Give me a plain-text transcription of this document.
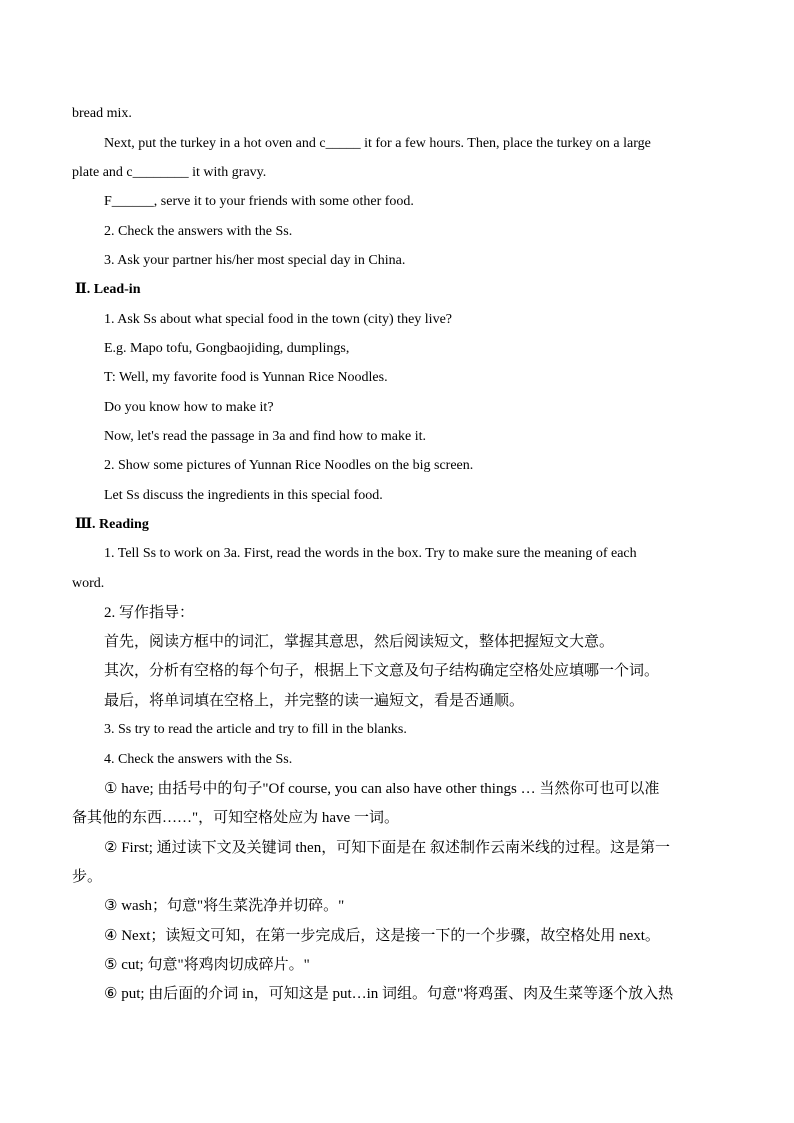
bread mix.
Next, put the turkey in a hot oven and c_____ it for a few hours. Then, place the turkey on a large
plate and c________ it with gravy.
F______, serve it to your friends with some other food.
2. Check the answers with the Ss.
3. Ask your partner his/her most special day in China.
Ⅱ. Lead-in
1. Ask Ss about what special food in the town (city) they live?
E.g. Mapo tofu, Gongbaojiding, dumplings,
T: Well, my favorite food is Yunnan Rice Noodles.
Do you know how to make it?
Now, let's read the passage in 3a and find how to make it.
2. Show some pictures of Yunnan Rice Noodles on the big screen.
Let Ss discuss the ingredients in this special food.
Ⅲ. Reading
1. Tell Ss to work on 3a. First, read the words in the box. Try to make sure the meaning of each
word.
2. 写作指导：
首先，阅读方框中的词汇，掌握其意思，然后阅读短文，整体把握短文大意。
其次，分析有空格的每个句子，根据上下文意及句子结构确定空格处应填哪一个词。
最后，将单词填在空格上，并完整的读一遍短文，看是否通顺。
3. Ss try to read the article and try to fill in the blanks.
4. Check the answers with the Ss.
① have; 由括号中的句子"Of course, you can also have other things … 当然你可也可以准
备其他的东西……"，可知空格处应为 have 一词。
② First; 通过读下文及关键词 then，可知下面是在 叙述制作云南米线的过程。这是第一
步。
③ wash；句意"将生菜洗净并切碎。"
④ Next；读短文可知，在第一步完成后，这是接一下的一个步骤，故空格处用 next。
⑤ cut; 句意"将鸡肉切成碎片。"
⑥ put; 由后面的介词 in，可知这是 put…in 词组。句意"将鸡蛋、肉及生菜等逐个放入热
